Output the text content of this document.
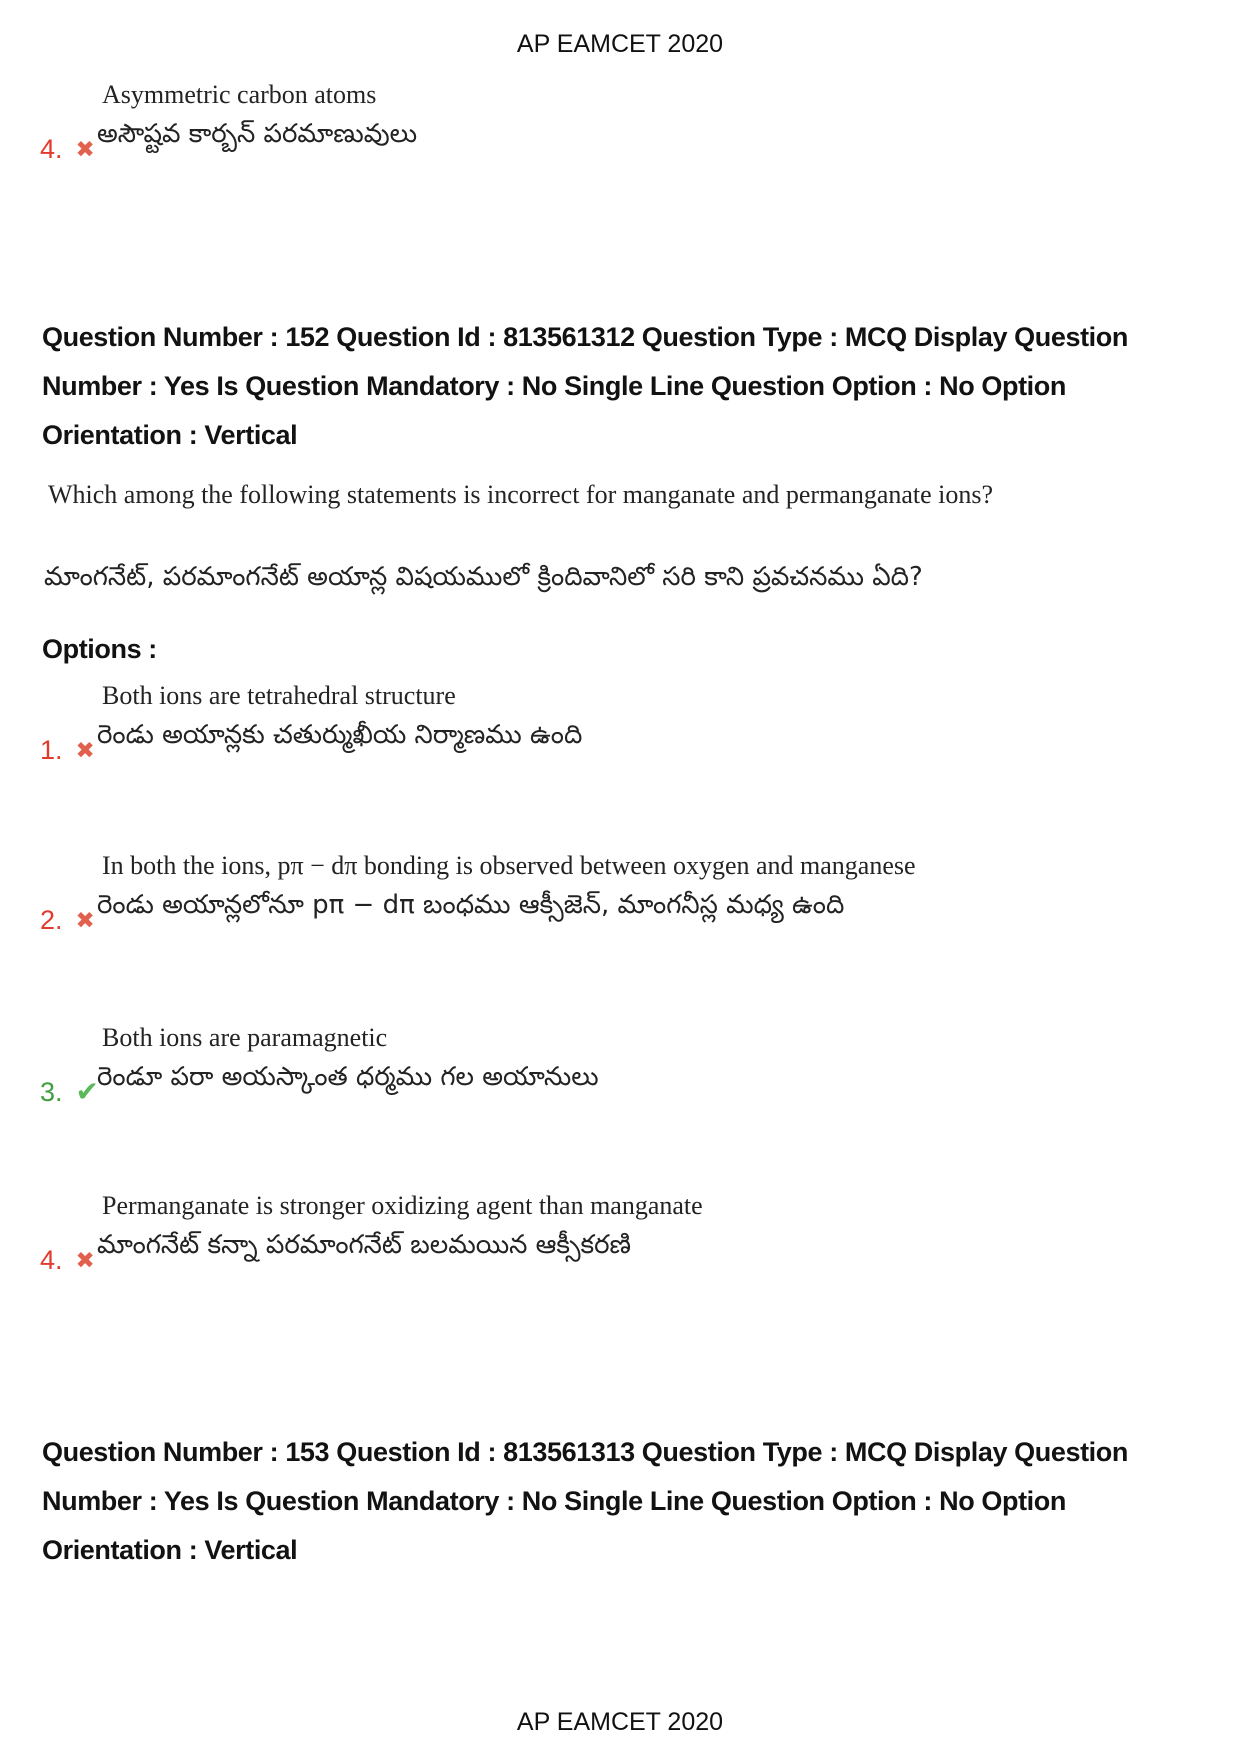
AP EAMCET 2020
4. ✖
Asymmetric carbon atoms
అసౌష్టవ కార్బన్ పరమాణువులు
Question Number : 152 Question Id : 813561312 Question Type : MCQ Display Question
Number : Yes Is Question Mandatory : No Single Line Question Option : No Option
Orientation : Vertical
Which among the following statements is incorrect for manganate and permanganate ions?
మాంగనేట్, పరమాంగనేట్ అయాన్ల విషయములో క్రిందివానిలో సరి కాని ప్రవచనము ఏది?
Options :
1. ✖
Both ions are tetrahedral structure
రెండు అయాన్లకు చతుర్ముఖీయ నిర్మాణము ఉంది
2. ✖
In both the ions, pπ − dπ bonding is observed between oxygen and manganese
రెండు అయాన్లలోనూ pπ − dπ బంధము ఆక్సీజెన్, మాంగనీస్ల మధ్య ఉంది
3. ✔
Both ions are paramagnetic
రెండూ పరా అయస్కాంత ధర్మము గల అయానులు
4. ✖
Permanganate is stronger oxidizing agent than manganate
మాంగనేట్ కన్నా పరమాంగనేట్ బలమయిన ఆక్సీకరణి
Question Number : 153 Question Id : 813561313 Question Type : MCQ Display Question
Number : Yes Is Question Mandatory : No Single Line Question Option : No Option
Orientation : Vertical
AP EAMCET 2020
